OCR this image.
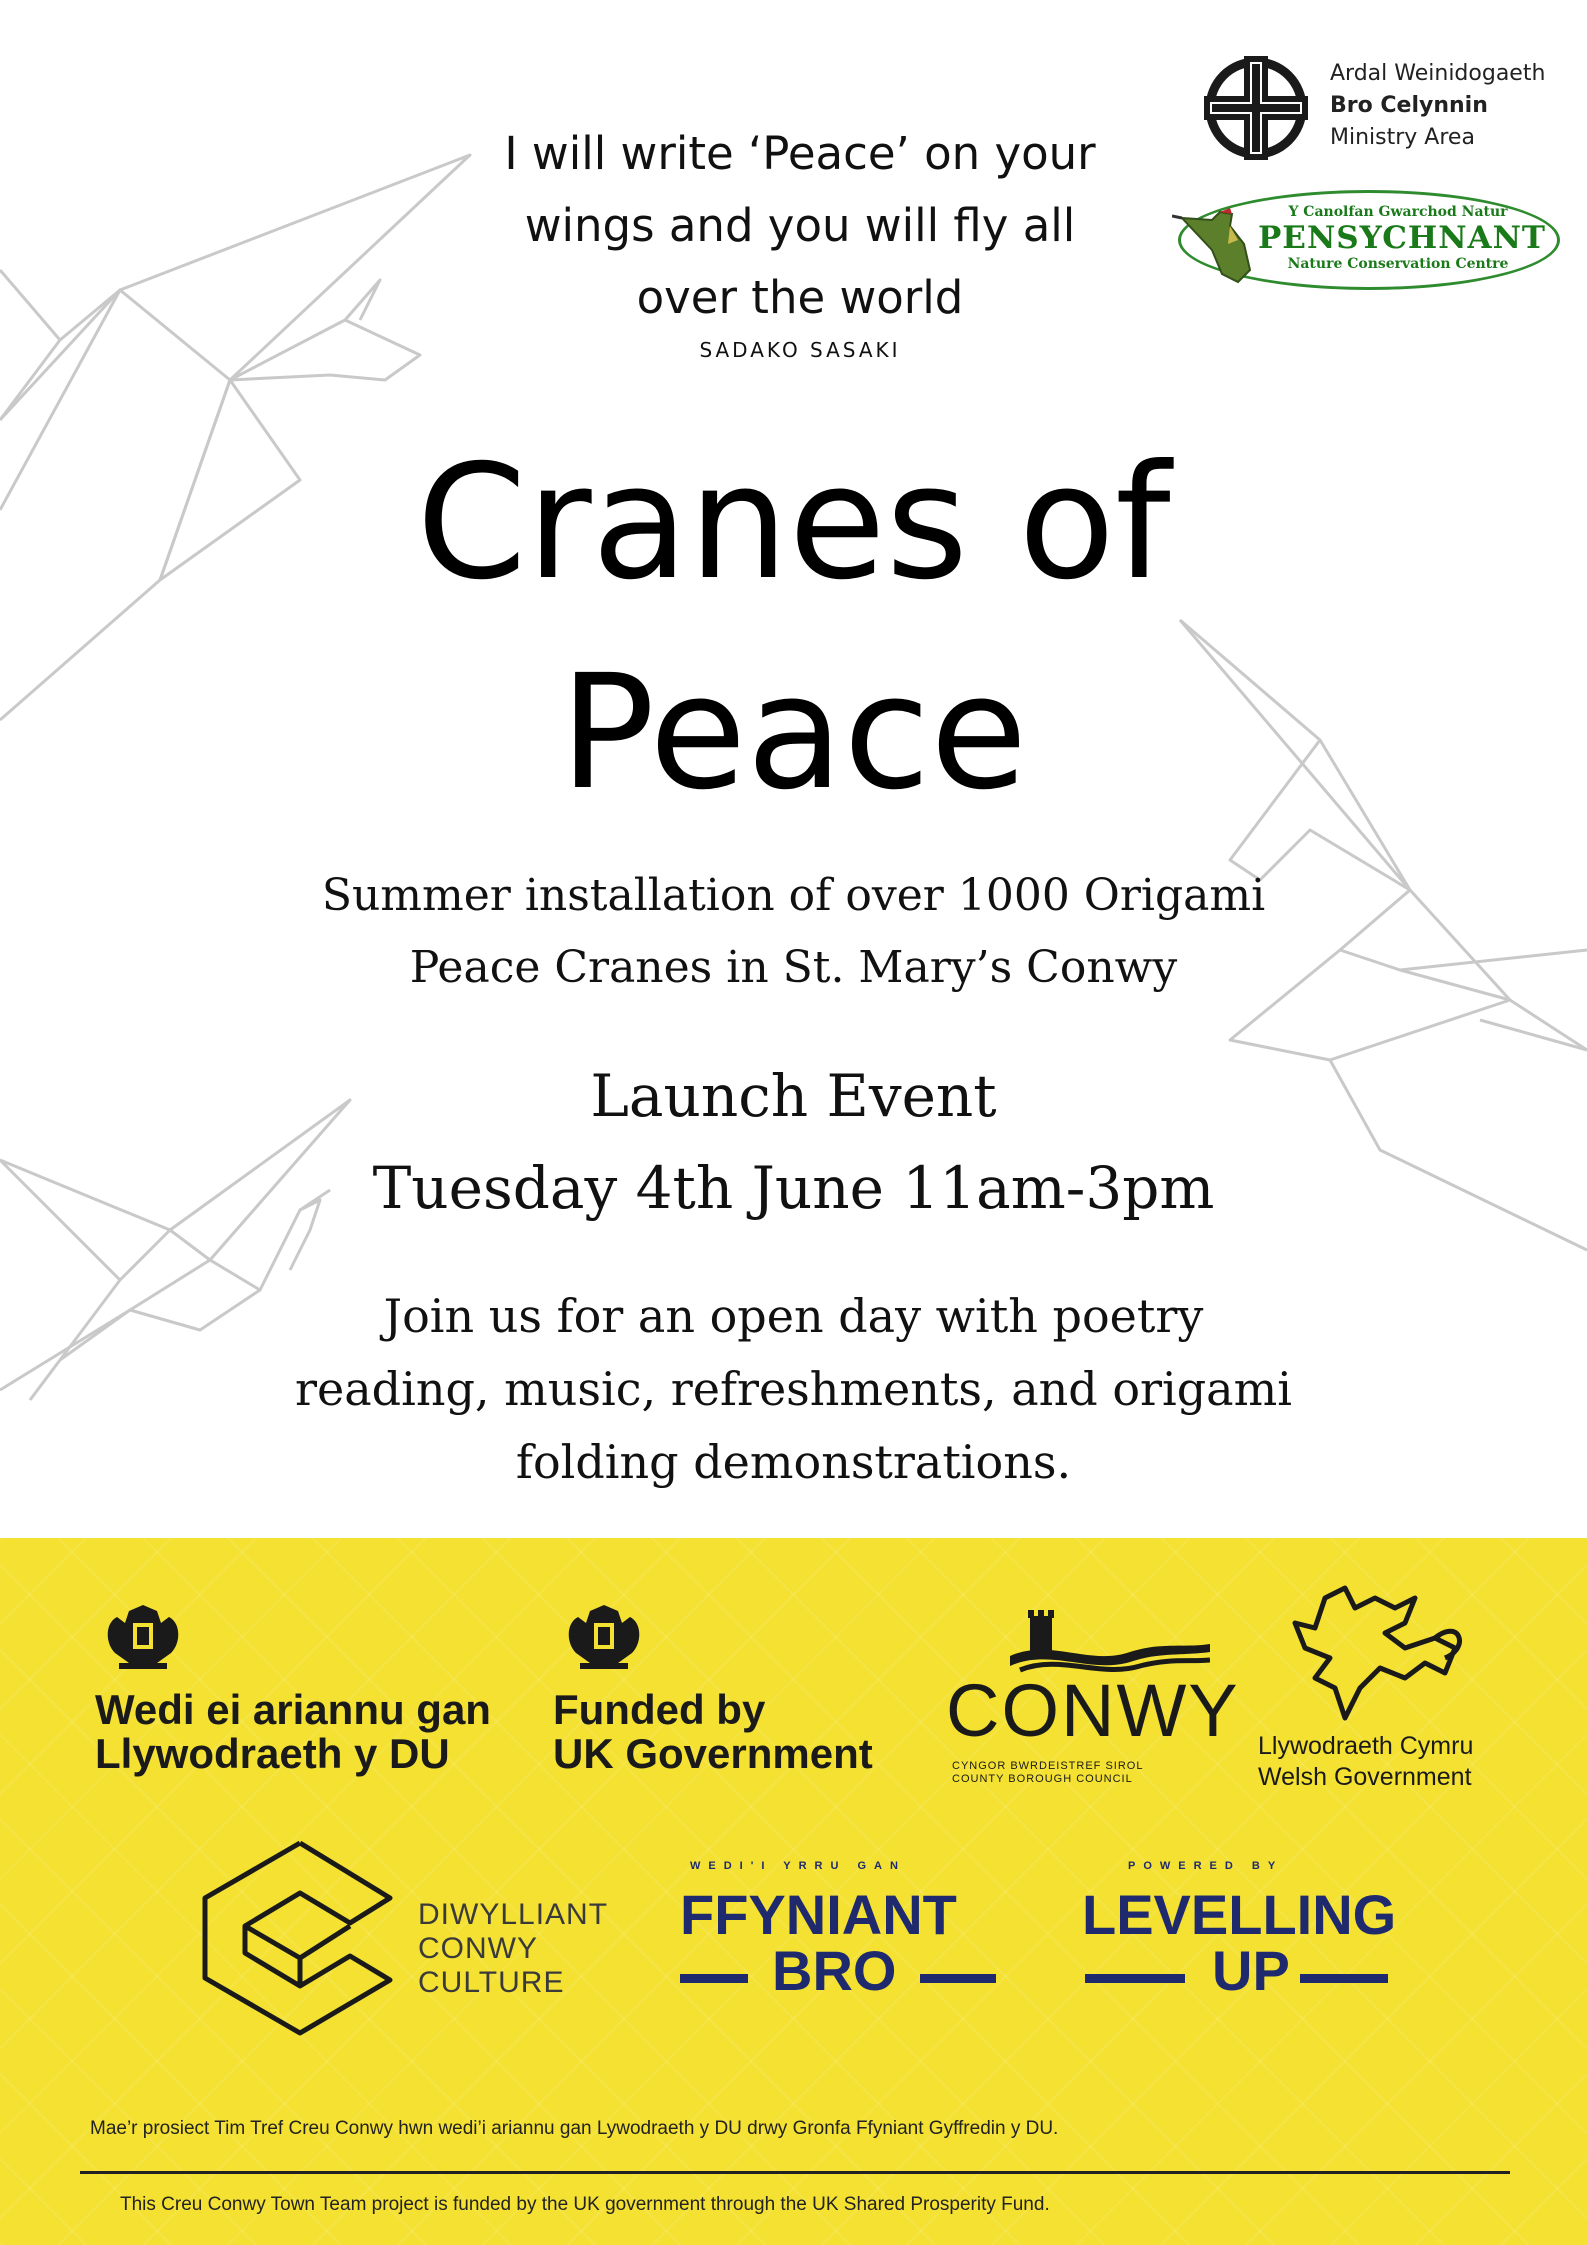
I will write ‘Peace’ on your
wings and you will fly all
over the world
SADAKO SASAKI
Cranes of
Peace
Summer installation of over 1000 Origami
Peace Cranes in St. Mary’s Conwy
Launch Event
Tuesday 4th June 11am-3pm
Join us for an open day with poetry
reading, music, refreshments, and origami
folding demonstrations.
Ardal Weinidogaeth
Bro Celynnin
Ministry Area
Y Canolfan Gwarchod Natur
PENSYCHNANT
Nature Conservation Centre
Wedi ei ariannu gan
Llywodraeth y DU
Funded by
UK Government
CONWY
CYNGOR BWRDEISTREF SIROL
COUNTY BOROUGH COUNCIL
Llywodraeth Cymru
Welsh Government
DIWYLLIANT
CONWY
CULTURE
WEDI'I YRRU GAN
FFYNIANT
BRO
POWERED BY
LEVELLING
UP
Mae’r prosiect Tim Tref Creu Conwy hwn wedi’i ariannu gan Lywodraeth y DU drwy Gronfa Ffyniant Gyffredin y DU.
This Creu Conwy Town Team project is funded by the UK government through the UK Shared Prosperity Fund.
